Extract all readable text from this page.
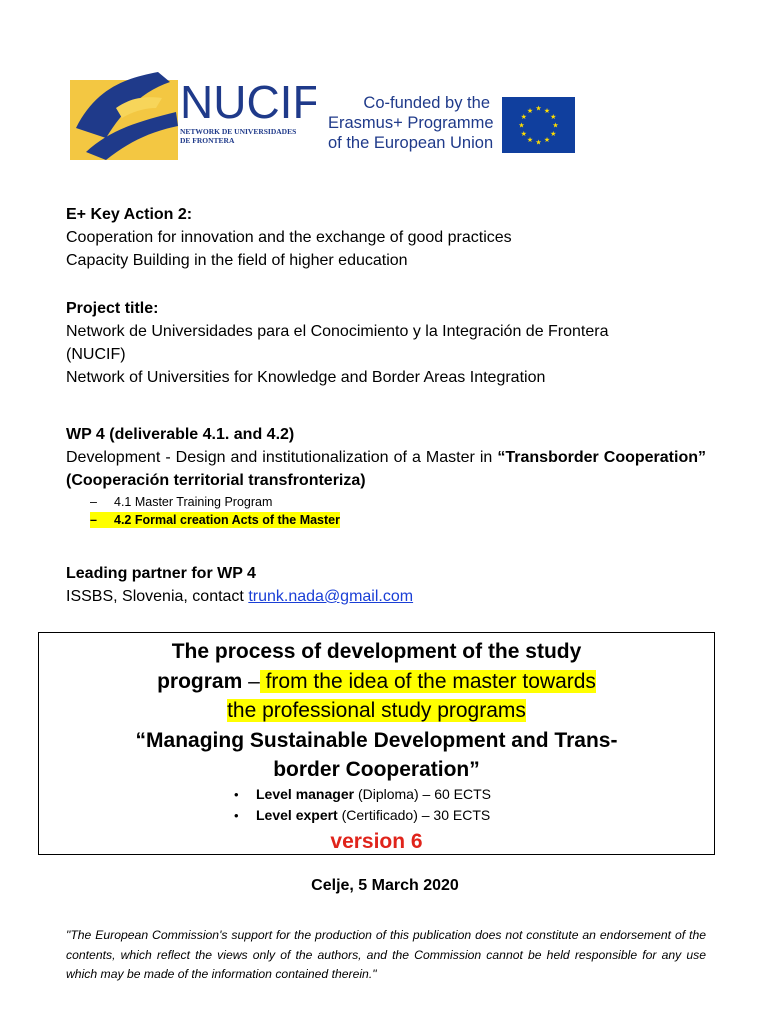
NUCIF
NETWORK DE UNIVERSIDADES
DE FRONTERA
Co-funded by the
Erasmus+ Programme
of the European Union
★ ★
★
★
★
★
★
★
★
★
★
★
E+ Key Action 2:
Cooperation for innovation and the exchange of good practices
Capacity Building in the field of higher education
Project title:
Network de Universidades para el Conocimiento y la Integración de Frontera
(NUCIF)
Network of Universities for Knowledge and Border Areas Integration
WP 4 (deliverable 4.1. and 4.2)
Development - Design and institutionalization of a Master in “Transborder Cooperation” (Cooperación territorial transfronteriza)
– 4.1 Master Training Program
– 4.2 Formal creation Acts of the Master
Leading partner for WP 4
ISSBS, Slovenia, contact trunk.nada@gmail.com
The process of development of the study
program – from the idea of the master towards
the professional study programs
“Managing Sustainable Development and Trans-
border Cooperation”
• Level manager (Diploma) – 60 ECTS
• Level expert (Certificado) – 30 ECTS
version 6
Celje, 5 March 2020
"The European Commission's support for the production of this publication does not constitute an endorsement of the contents, which reflect the views only of the authors, and the Commission cannot be held responsible for any use which may be made of the information contained therein."
